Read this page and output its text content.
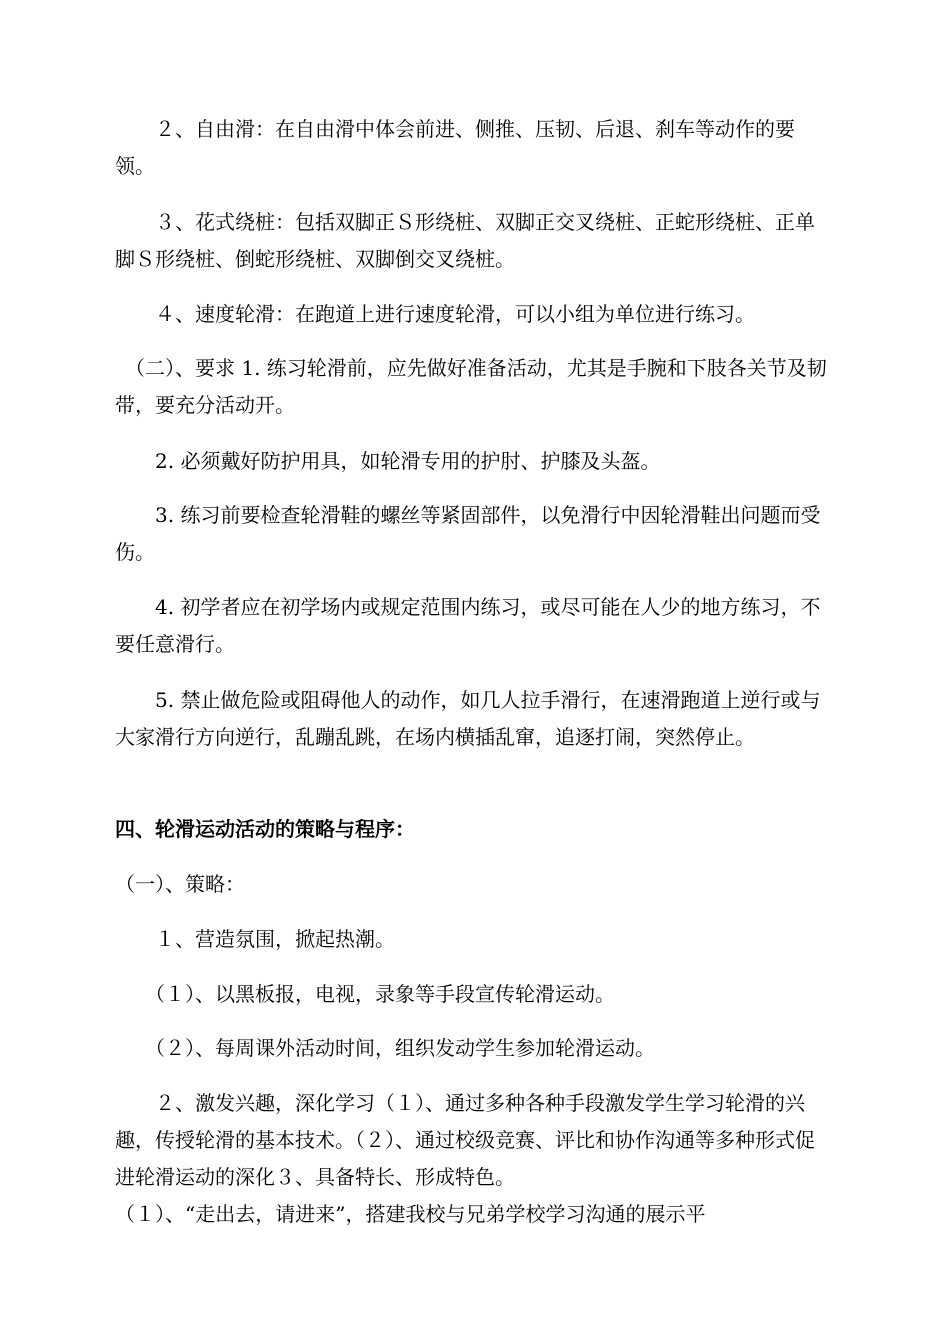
　　２、自由滑：在自由滑中体会前进、侧推、压韧、后退、刹车等动作的要领。

　　３、花式绕桩：包括双脚正Ｓ形绕桩、双脚正交叉绕桩、正蛇形绕桩、正单脚Ｓ形绕桩、倒蛇形绕桩、双脚倒交叉绕桩。

　　４、速度轮滑：在跑道上进行速度轮滑，可以小组为单位进行练习。

　（二）、要求 1. 练习轮滑前，应先做好准备活动，尤其是手腕和下肢各关节及韧带，要充分活动开。

　　2. 必须戴好防护用具，如轮滑专用的护肘、护膝及头盔。

　　3. 练习前要检查轮滑鞋的螺丝等紧固部件，以免滑行中因轮滑鞋出问题而受伤。

　　4. 初学者应在初学场内或规定范围内练习，或尽可能在人少的地方练习，不要任意滑行。

　　5. 禁止做危险或阻碍他人的动作，如几人拉手滑行，在速滑跑道上逆行或与大家滑行方向逆行，乱蹦乱跳，在场内横插乱窜，追逐打闹，突然停止。

四、轮滑运动活动的策略与程序：

（一）、策略：

　　１、营造氛围，掀起热潮。

　　（１）、以黑板报，电视，录象等手段宣传轮滑运动。

　　（２）、每周课外活动时间，组织发动学生参加轮滑运动。

　　２、激发兴趣，深化学习（１）、通过多种各种手段激发学生学习轮滑的兴趣，传授轮滑的基本技术。（２）、通过校级竞赛、评比和协作沟通等多种形式促进轮滑运动的深化３、具备特长、形成特色。

（１）、“走出去，请进来”，搭建我校与兄弟学校学习沟通的展示平
